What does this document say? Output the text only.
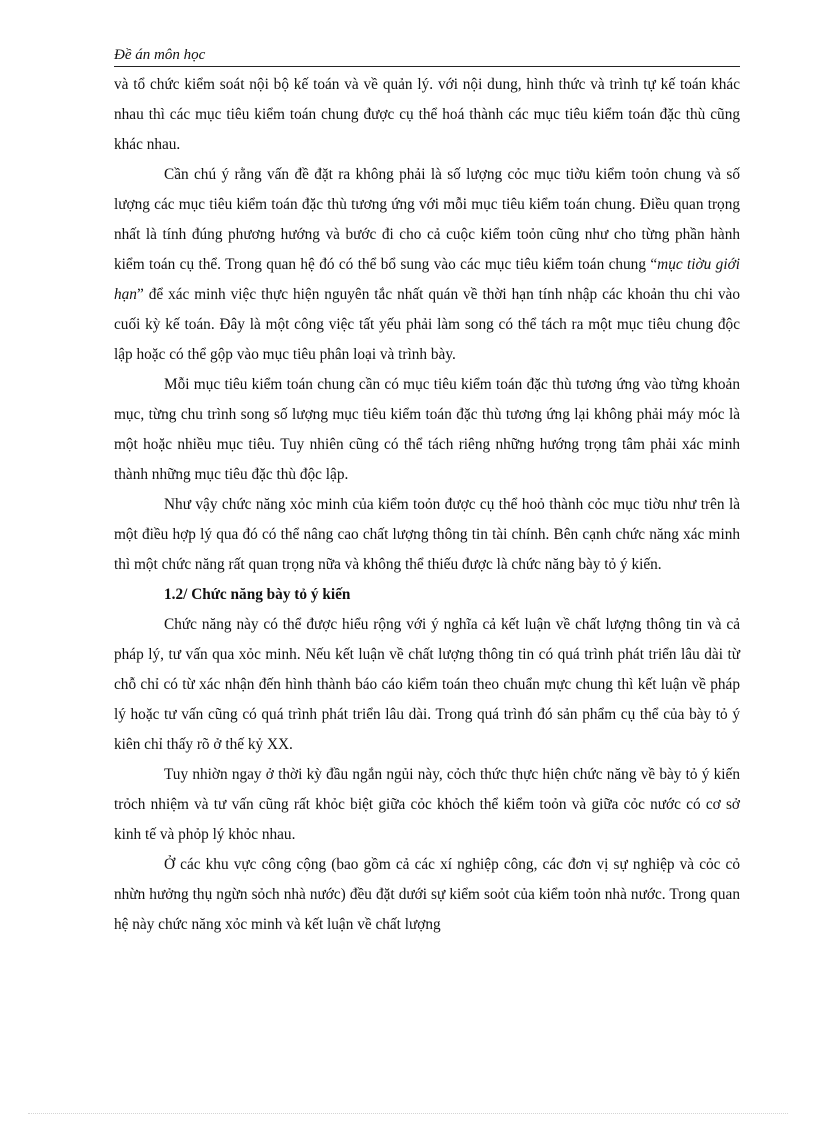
Đề án môn học

và tổ chức kiểm soát nội bộ kế toán và về quản lý. với nội dung, hình thức và trình tự kế toán khác nhau thì các mục tiêu kiểm toán chung được cụ thể hoá thành các mục tiêu kiểm toán đặc thù cũng khác nhau.

Cần chú ý rằng vấn đề đặt ra không phải là số lượng cỏc mục tiờu kiểm toỏn chung và số lượng các mục tiêu kiểm toán đặc thù tương ứng với mỗi mục tiêu kiểm toán chung. Điều quan trọng nhất là tính đúng phương hướng và bước đi cho cả cuộc kiểm toỏn cũng như cho từng phần hành kiểm toán cụ thể. Trong quan hệ đó có thể bổ sung vào các mục tiêu kiểm toán chung “mục tiờu giới hạn” để xác minh việc thực hiện nguyên tắc nhất quán về thời hạn tính nhập các khoản thu chi vào cuối kỳ kế toán. Đây là một công việc tất yếu phải làm song có thể tách ra một mục tiêu chung độc lập hoặc có thể gộp vào mục tiêu phân loại và trình bày.

Mỗi mục tiêu kiểm toán chung cần có mục tiêu kiểm toán đặc thù tương ứng vào từng khoản mục, từng chu trình song số lượng mục tiêu kiểm toán đặc thù tương ứng lại không phải máy móc là một hoặc nhiều mục tiêu. Tuy nhiên cũng có thể tách riêng những hướng trọng tâm phải xác minh thành những mục tiêu đặc thù độc lập.

Như vậy chức năng xỏc minh của kiểm toỏn được cụ thể hoỏ thành cỏc mục tiờu như trên là một điều hợp lý qua đó có thể nâng cao chất lượng thông tin tài chính. Bên cạnh chức năng xác minh thì một chức năng rất quan trọng nữa và không thể thiếu được là chức năng bày tỏ ý kiến.

1.2/ Chức năng bày tỏ ý kiến

Chức năng này có thể được hiểu rộng với ý nghĩa cả kết luận về chất lượng thông tin và cả pháp lý, tư vấn qua xỏc minh. Nếu kết luận về chất lượng thông tin có quá trình phát triển lâu dài từ chỗ chỉ có từ xác nhận đến hình thành báo cáo kiểm toán theo chuẩn mực chung thì kết luận về pháp lý hoặc tư vấn cũng có quá trình phát triển lâu dài. Trong quá trình đó sản phẩm cụ thể của bày tỏ ý kiên chỉ thấy rõ ở thế kỷ XX.

Tuy nhiờn ngay ở thời kỳ đầu ngắn ngủi này, cỏch thức thực hiện chức năng về bày tỏ ý kiến trỏch nhiệm và tư vấn cũng rất khỏc biệt giữa cỏc khỏch thể kiểm toỏn và giữa cỏc nước có cơ sở kinh tế và phỏp lý khỏc nhau.

Ở các khu vực công cộng (bao gồm cả các xí nghiệp công, các đơn vị sự nghiệp và cỏc cỏ nhừn hưởng thụ ngừn sỏch nhà nước) đều đặt dưới sự kiểm soỏt của kiểm toỏn nhà nước. Trong quan hệ này chức năng xỏc minh và kết luận về chất lượng
